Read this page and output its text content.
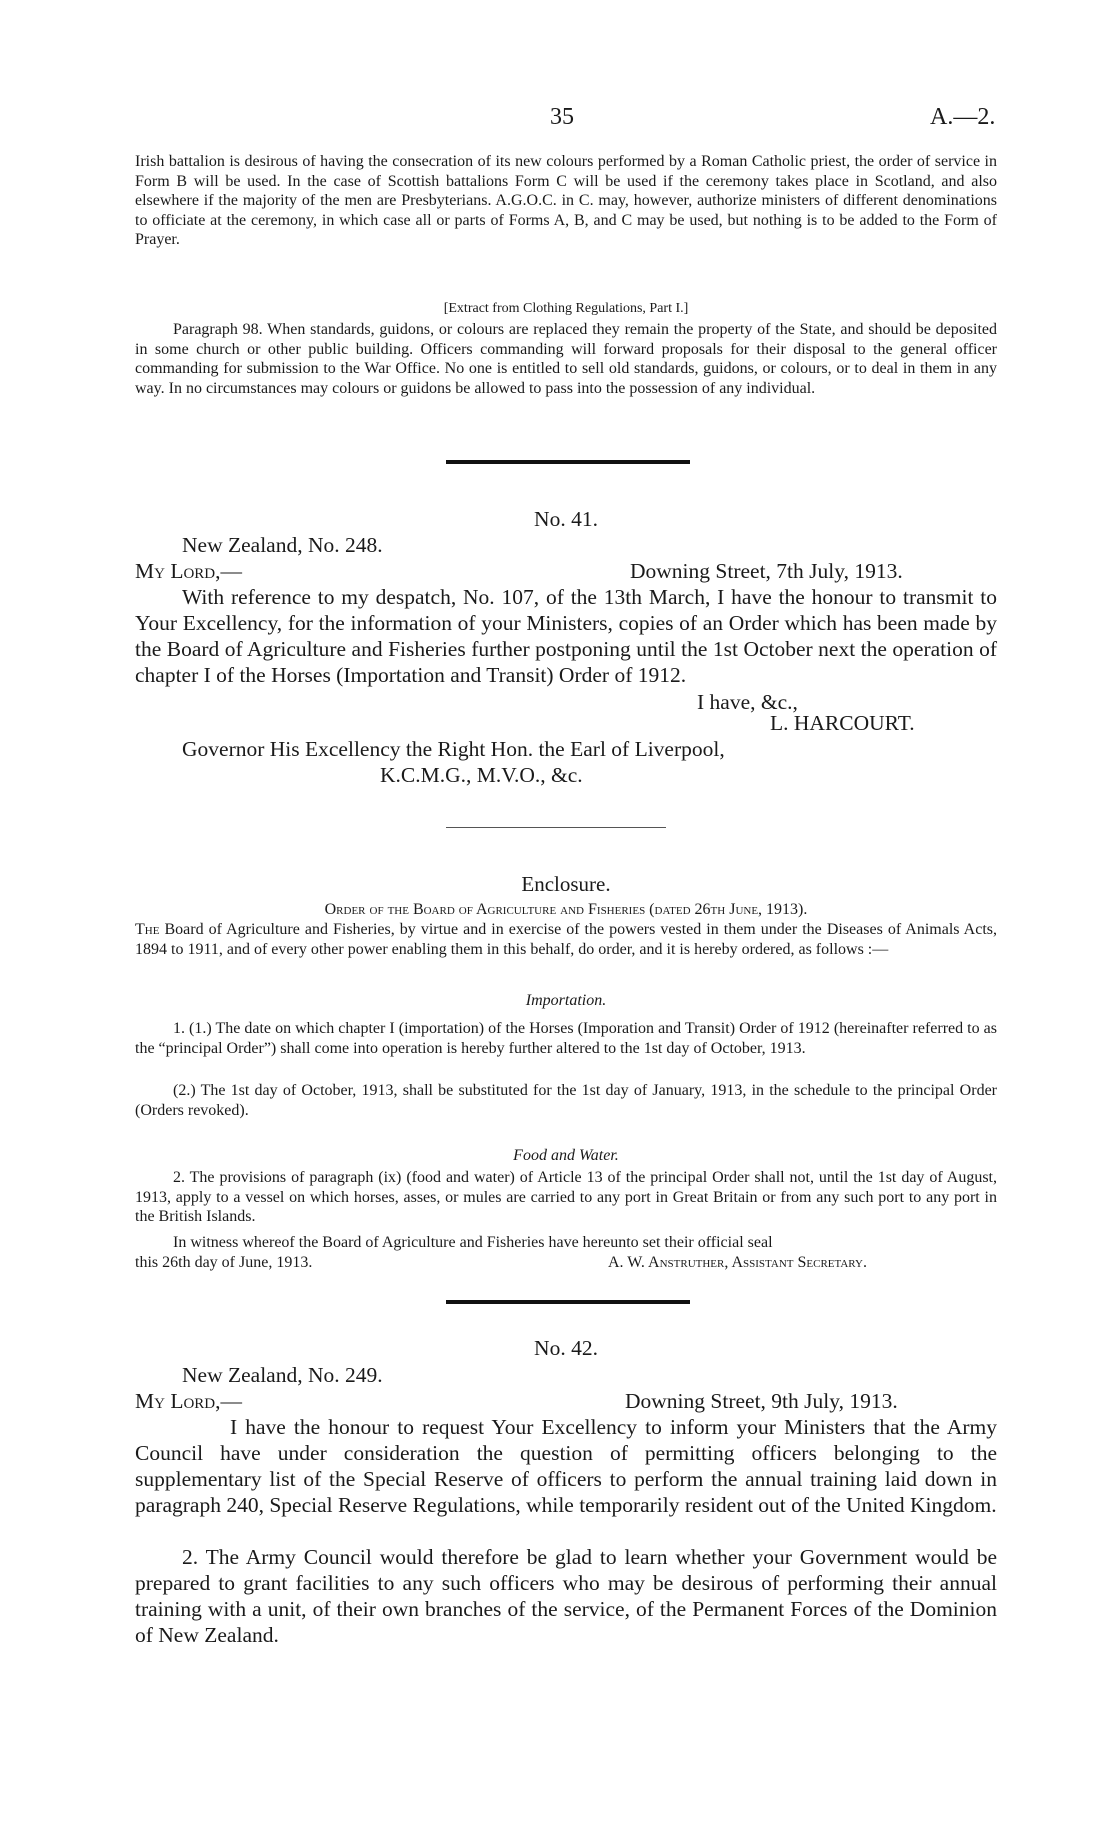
35	A.—2.

Irish battalion is desirous of having the consecration of its new colours performed by a Roman Catholic priest, the order of service in Form B will be used. In the case of Scottish battalions Form C will be used if the ceremony takes place in Scotland, and also elsewhere if the majority of the men are Presbyterians. A.G.O.C. in C. may, however, authorize ministers of different denominations to officiate at the ceremony, in which case all or parts of Forms A, B, and C may be used, but nothing is to be added to the Form of Prayer.

[Extract from Clothing Regulations, Part I.]

Paragraph 98. When standards, guidons, or colours are replaced they remain the property of the State, and should be deposited in some church or other public building. Officers commanding will forward proposals for their disposal to the general officer commanding for submission to the War Office. No one is entitled to sell old standards, guidons, or colours, or to deal in them in any way. In no circumstances may colours or guidons be allowed to pass into the possession of any individual.

No. 41.
New Zealand, No. 248.
My Lord,—	Downing Street, 7th July, 1913.
With reference to my despatch, No. 107, of the 13th March, I have the honour to transmit to Your Excellency, for the information of your Ministers, copies of an Order which has been made by the Board of Agriculture and Fisheries further postponing until the 1st October next the operation of chapter I of the Horses (Importation and Transit) Order of 1912.
I have, &c.,
L. HARCOURT.
Governor His Excellency the Right Hon. the Earl of Liverpool,
K.C.M.G., M.V.O., &c.
Enclosure.
Order of the Board of Agriculture and Fisheries (dated 26th June, 1913).

The Board of Agriculture and Fisheries, by virtue and in exercise of the powers vested in them under the Diseases of Animals Acts, 1894 to 1911, and of every other power enabling them in this behalf, do order, and it is hereby ordered, as follows :—

Importation.

1. (1.) The date on which chapter I (importation) of the Horses (Imporation and Transit) Order of 1912 (hereinafter referred to as the “principal Order”) shall come into operation is hereby further altered to the 1st day of October, 1913.

(2.) The 1st day of October, 1913, shall be substituted for the 1st day of January, 1913, in the schedule to the principal Order (Orders revoked).

Food and Water.

2. The provisions of paragraph (ix) (food and water) of Article 13 of the principal Order shall not, until the 1st day of August, 1913, apply to a vessel on which horses, asses, or mules are carried to any port in Great Britain or from any such port to any port in the British Islands.

In witness whereof the Board of Agriculture and Fisheries have hereunto set their official seal

this 26th day of June, 1913.	A. W. Anstruther, Assistant Secretary.
No. 42.
New Zealand, No. 249.
My Lord,—	Downing Street, 9th July, 1913.
I have the honour to request Your Excellency to inform your Ministers that the Army Council have under consideration the question of permitting officers belonging to the supplementary list of the Special Reserve of officers to perform the annual training laid down in paragraph 240, Special Reserve Regulations, while temporarily resident out of the United Kingdom.
2. The Army Council would therefore be glad to learn whether your Government would be prepared to grant facilities to any such officers who may be desirous of performing their annual training with a unit, of their own branches of the service, of the Permanent Forces of the Dominion of New Zealand.
